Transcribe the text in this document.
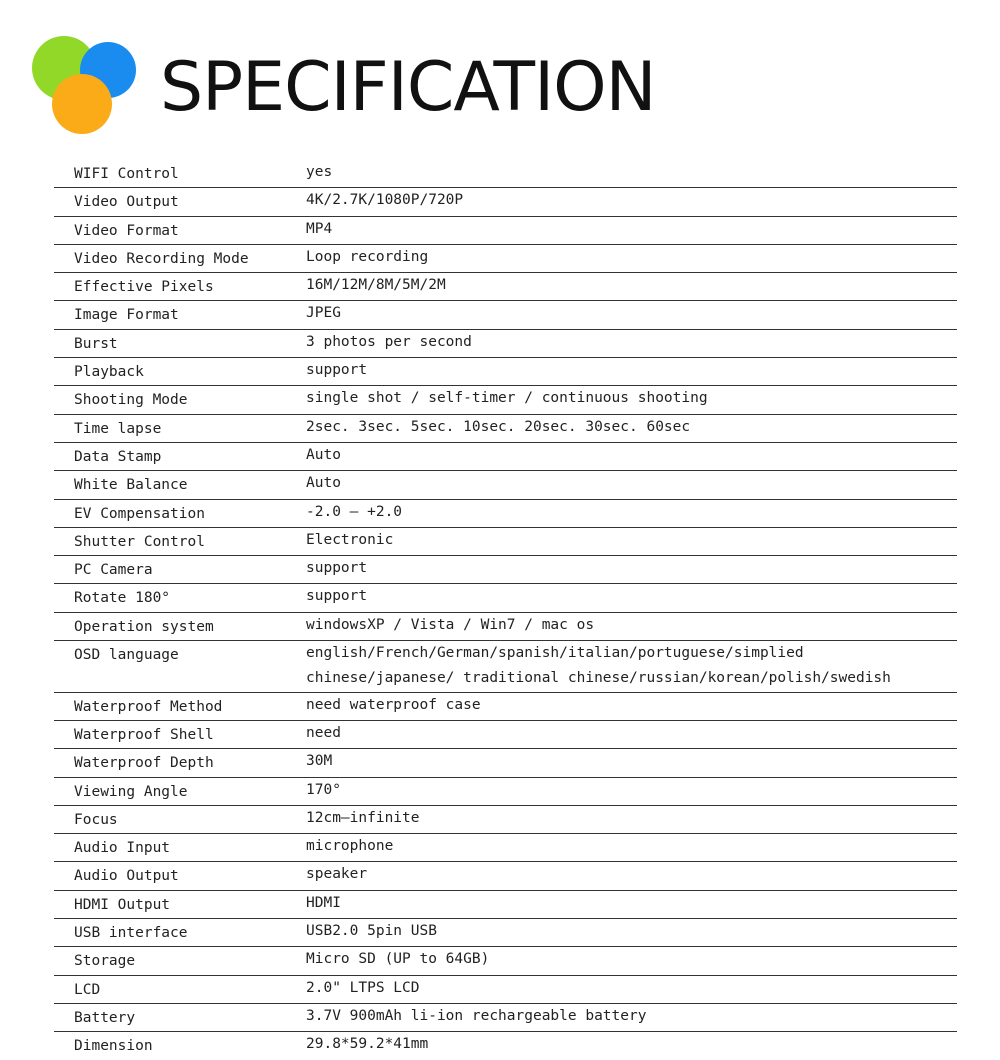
SPECIFICATION
WIFI Control	yes
Video Output	4K/2.7K/1080P/720P
Video Format	MP4
Video Recording Mode	Loop recording
Effective Pixels	16M/12M/8M/5M/2M
Image Format	JPEG
Burst	3 photos per second
Playback	support
Shooting Mode	single shot / self-timer / continuous shooting
Time lapse	2sec. 3sec. 5sec. 10sec. 20sec. 30sec. 60sec
Data Stamp	Auto
White Balance	Auto
EV Compensation	-2.0 — +2.0
Shutter Control	Electronic
PC Camera	support
Rotate 180°	support
Operation system	windowsXP / Vista / Win7 / mac os
OSD language	english/French/German/spanish/italian/portuguese/simplied chinese/japanese/ traditional chinese/russian/korean/polish/swedish
Waterproof Method	need waterproof case
Waterproof Shell	need
Waterproof Depth	30M
Viewing Angle	170°
Focus	12cm—infinite
Audio Input	microphone
Audio Output	speaker
HDMI Output	HDMI
USB interface	USB2.0 5pin USB
Storage	Micro SD (UP to 64GB)
LCD	2.0" LTPS LCD
Battery	3.7V 900mAh li-ion rechargeable battery
Dimension	29.8*59.2*41mm
